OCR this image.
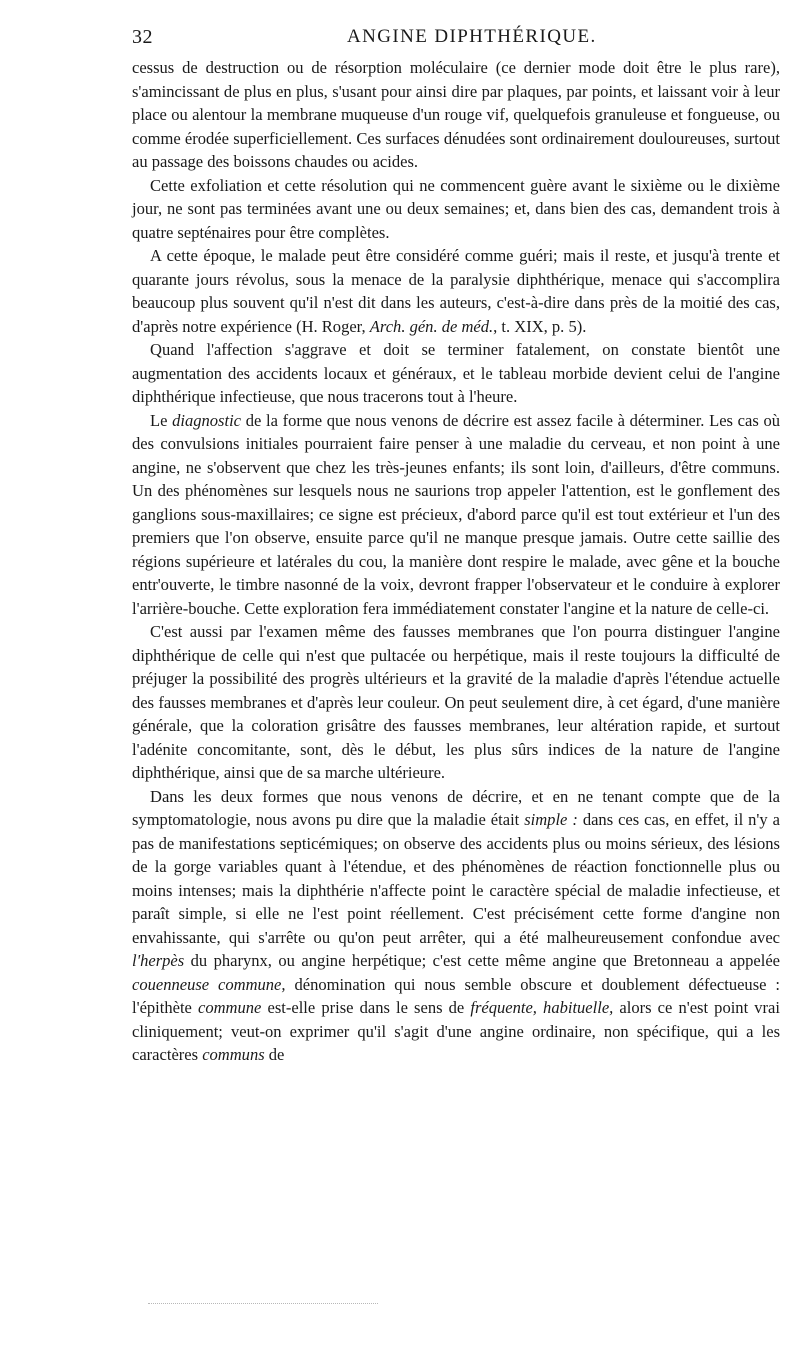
32	ANGINE DIPHTHÉRIQUE.

cessus de destruction ou de résorption moléculaire (ce dernier mode doit être le plus rare), s'amincissant de plus en plus, s'usant pour ainsi dire par plaques, par points, et laissant voir à leur place ou alentour la membrane muqueuse d'un rouge vif, quelquefois granuleuse et fongueuse, ou comme érodée superficiellement. Ces surfaces dénudées sont ordinairement douloureuses, surtout au passage des boissons chaudes ou acides.

Cette exfoliation et cette résolution qui ne commencent guère avant le sixième ou le dixième jour, ne sont pas terminées avant une ou deux semaines; et, dans bien des cas, demandent trois à quatre septénaires pour être complètes.

A cette époque, le malade peut être considéré comme guéri; mais il reste, et jusqu'à trente et quarante jours révolus, sous la menace de la paralysie diphthérique, menace qui s'accomplira beaucoup plus souvent qu'il n'est dit dans les auteurs, c'est-à-dire dans près de la moitié des cas, d'après notre expérience (H. Roger, Arch. gén. de méd., t. XIX, p. 5).

Quand l'affection s'aggrave et doit se terminer fatalement, on constate bientôt une augmentation des accidents locaux et généraux, et le tableau morbide devient celui de l'angine diphthérique infectieuse, que nous tracerons tout à l'heure.

Le diagnostic de la forme que nous venons de décrire est assez facile à déterminer. Les cas où des convulsions initiales pourraient faire penser à une maladie du cerveau, et non point à une angine, ne s'observent que chez les très-jeunes enfants; ils sont loin, d'ailleurs, d'être communs. Un des phénomènes sur lesquels nous ne saurions trop appeler l'attention, est le gonflement des ganglions sous-maxillaires; ce signe est précieux, d'abord parce qu'il est tout extérieur et l'un des premiers que l'on observe, ensuite parce qu'il ne manque presque jamais. Outre cette saillie des régions supérieure et latérales du cou, la manière dont respire le malade, avec gêne et la bouche entr'ouverte, le timbre nasonné de la voix, devront frapper l'observateur et le conduire à explorer l'arrière-bouche. Cette exploration fera immédiatement constater l'angine et la nature de celle-ci.

C'est aussi par l'examen même des fausses membranes que l'on pourra distinguer l'angine diphthérique de celle qui n'est que pultacée ou herpétique, mais il reste toujours la difficulté de préjuger la possibilité des progrès ultérieurs et la gravité de la maladie d'après l'étendue actuelle des fausses membranes et d'après leur couleur. On peut seulement dire, à cet égard, d'une manière générale, que la coloration grisâtre des fausses membranes, leur altération rapide, et surtout l'adénite concomitante, sont, dès le début, les plus sûrs indices de la nature de l'angine diphthérique, ainsi que de sa marche ultérieure.

Dans les deux formes que nous venons de décrire, et en ne tenant compte que de la symptomatologie, nous avons pu dire que la maladie était simple : dans ces cas, en effet, il n'y a pas de manifestations septicémiques; on observe des accidents plus ou moins sérieux, des lésions de la gorge variables quant à l'étendue, et des phénomènes de réaction fonctionnelle plus ou moins intenses; mais la diphthérie n'affecte point le caractère spécial de maladie infectieuse, et paraît simple, si elle ne l'est point réellement. C'est précisément cette forme d'angine non envahissante, qui s'arrête ou qu'on peut arrêter, qui a été malheureusement confondue avec l'herpès du pharynx, ou angine herpétique; c'est cette même angine que Bretonneau a appelée couenneuse commune, dénomination qui nous semble obscure et doublement défectueuse : l'épithète commune est-elle prise dans le sens de fréquente, habituelle, alors ce n'est point vrai cliniquement; veut-on exprimer qu'il s'agit d'une angine ordinaire, non spécifique, qui a les caractères communs de
